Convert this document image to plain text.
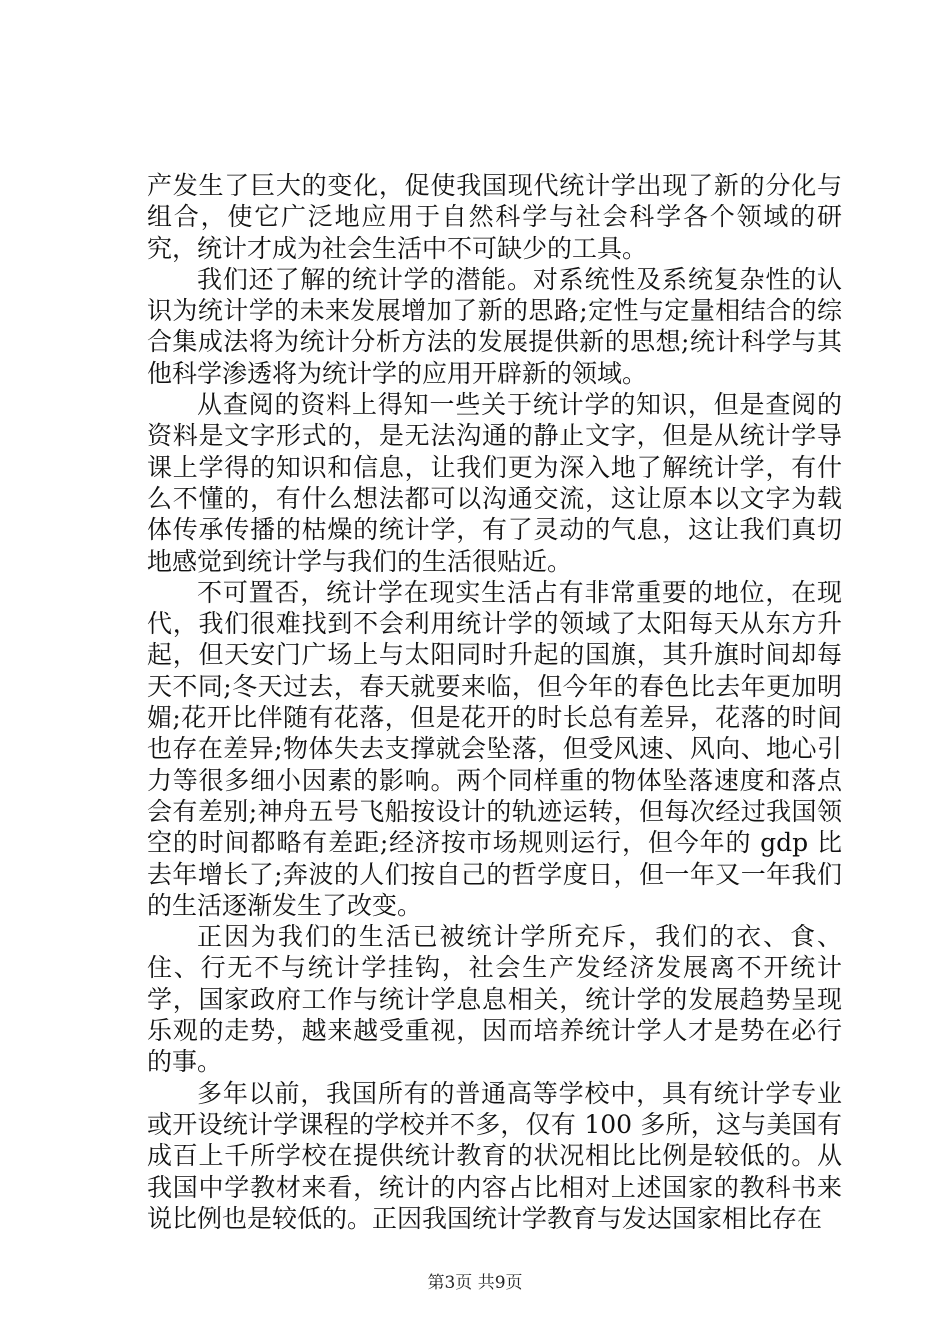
产发生了巨大的变化，促使我国现代统计学出现了新的分化与组合，使它广泛地应用于自然科学与社会科学各个领域的研究，统计才成为社会生活中不可缺少的工具。

我们还了解的统计学的潜能。对系统性及系统复杂性的认识为统计学的未来发展增加了新的思路;定性与定量相结合的综合集成法将为统计分析方法的发展提供新的思想;统计科学与其他科学渗透将为统计学的应用开辟新的领域。

从查阅的资料上得知一些关于统计学的知识，但是查阅的资料是文字形式的，是无法沟通的静止文字，但是从统计学导课上学得的知识和信息，让我们更为深入地了解统计学，有什么不懂的，有什么想法都可以沟通交流，这让原本以文字为载体传承传播的枯燥的统计学，有了灵动的气息，这让我们真切地感觉到统计学与我们的生活很贴近。

不可置否，统计学在现实生活占有非常重要的地位，在现代，我们很难找到不会利用统计学的领域了太阳每天从东方升起，但天安门广场上与太阳同时升起的国旗，其升旗时间却每天不同;冬天过去，春天就要来临，但今年的春色比去年更加明媚;花开比伴随有花落，但是花开的时长总有差异，花落的时间也存在差异;物体失去支撑就会坠落，但受风速、风向、地心引力等很多细小因素的影响。两个同样重的物体坠落速度和落点会有差别;神舟五号飞船按设计的轨迹运转，但每次经过我国领空的时间都略有差距;经济按市场规则运行，但今年的 gdp 比去年增长了;奔波的人们按自己的哲学度日，但一年又一年我们的生活逐渐发生了改变。

正因为我们的生活已被统计学所充斥，我们的衣、食、住、行无不与统计学挂钩，社会生产发经济发展离不开统计学，国家政府工作与统计学息息相关，统计学的发展趋势呈现乐观的走势，越来越受重视，因而培养统计学人才是势在必行的事。

多年以前，我国所有的普通高等学校中，具有统计学专业或开设统计学课程的学校并不多，仅有 100 多所，这与美国有成百上千所学校在提供统计教育的状况相比比例是较低的。从我国中学教材来看，统计的内容占比相对上述国家的教科书来说比例也是较低的。正因我国统计学教育与发达国家相比存在

第3页 共9页
